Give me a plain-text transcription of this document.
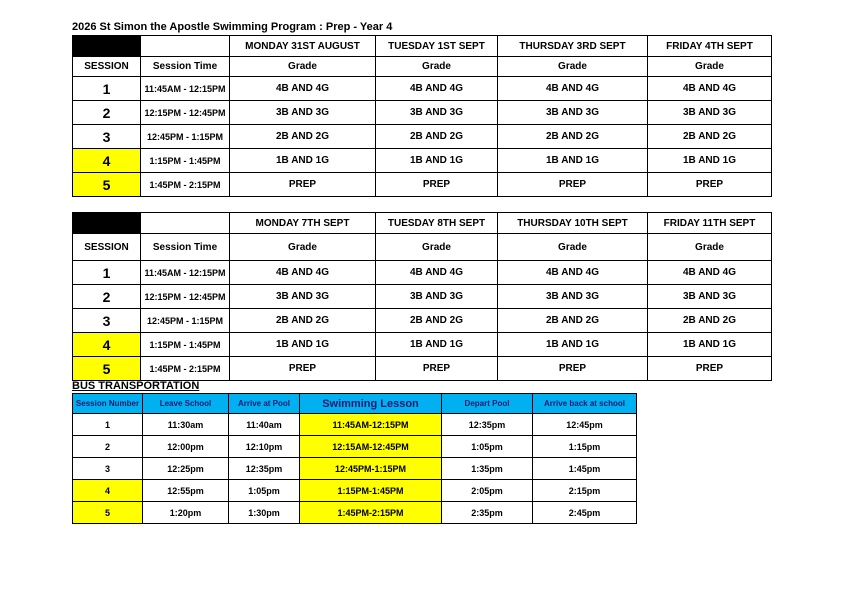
2026 St Simon the Apostle Swimming Program : Prep - Year 4
		MONDAY 31ST AUGUST	TUESDAY 1ST SEPT	THURSDAY 3RD SEPT	FRIDAY 4TH SEPT
SESSION	Session Time	Grade	Grade	Grade	Grade
1	11:45AM - 12:15PM	4B AND 4G	4B AND 4G	4B AND 4G	4B AND 4G
2	12:15PM - 12:45PM	3B AND 3G	3B AND 3G	3B AND 3G	3B AND 3G
3	12:45PM - 1:15PM	2B AND 2G	2B AND 2G	2B AND 2G	2B AND 2G
4	1:15PM - 1:45PM	1B AND 1G	1B AND 1G	1B AND 1G	1B AND 1G
5	1:45PM - 2:15PM	PREP	PREP	PREP	PREP
		MONDAY 7TH SEPT	TUESDAY 8TH SEPT	THURSDAY 10TH SEPT	FRIDAY 11TH SEPT
SESSION	Session Time	Grade	Grade	Grade	Grade
1	11:45AM - 12:15PM	4B AND 4G	4B AND 4G	4B AND 4G	4B AND 4G
2	12:15PM - 12:45PM	3B AND 3G	3B AND 3G	3B AND 3G	3B AND 3G
3	12:45PM - 1:15PM	2B AND 2G	2B AND 2G	2B AND 2G	2B AND 2G
4	1:15PM - 1:45PM	1B AND 1G	1B AND 1G	1B AND 1G	1B AND 1G
5	1:45PM - 2:15PM	PREP	PREP	PREP	PREP
BUS TRANSPORTATION
Session Number	Leave School	Arrive at Pool	Swimming Lesson	Depart Pool	Arrive back at school
1	11:30am	11:40am	11:45AM-12:15PM	12:35pm	12:45pm
2	12:00pm	12:10pm	12:15AM-12:45PM	1:05pm	1:15pm
3	12:25pm	12:35pm	12:45PM-1:15PM	1:35pm	1:45pm
4	12:55pm	1:05pm	1:15PM-1:45PM	2:05pm	2:15pm
5	1:20pm	1:30pm	1:45PM-2:15PM	2:35pm	2:45pm
